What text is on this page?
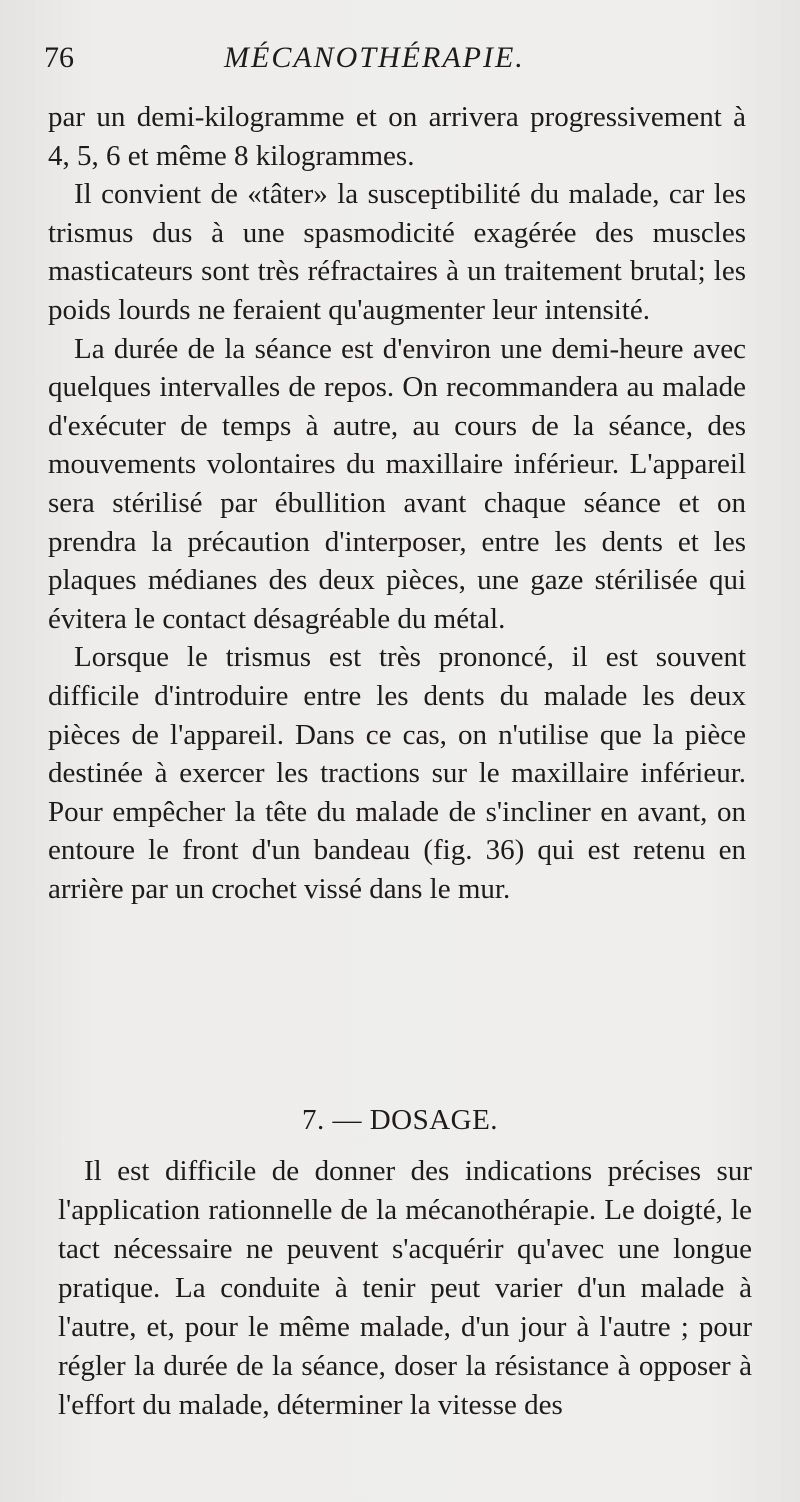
76	MÉCANOTHÉRAPIE.

par un demi-kilogramme et on arrivera progressivement à 4, 5, 6 et même 8 kilogrammes.

Il convient de «tâter» la susceptibilité du malade, car les trismus dus à une spasmodicité exagérée des muscles masticateurs sont très réfractaires à un traitement brutal; les poids lourds ne feraient qu'augmenter leur intensité.

La durée de la séance est d'environ une demi-heure avec quelques intervalles de repos. On recommandera au malade d'exécuter de temps à autre, au cours de la séance, des mouvements volontaires du maxillaire inférieur. L'appareil sera stérilisé par ébullition avant chaque séance et on prendra la précaution d'interposer, entre les dents et les plaques médianes des deux pièces, une gaze stérilisée qui évitera le contact désagréable du métal.

Lorsque le trismus est très prononcé, il est souvent difficile d'introduire entre les dents du malade les deux pièces de l'appareil. Dans ce cas, on n'utilise que la pièce destinée à exercer les tractions sur le maxillaire inférieur. Pour empêcher la tête du malade de s'incliner en avant, on entoure le front d'un bandeau (fig. 36) qui est retenu en arrière par un crochet vissé dans le mur.

7. — DOSAGE.

Il est difficile de donner des indications précises sur l'application rationnelle de la mécanothérapie. Le doigté, le tact nécessaire ne peuvent s'acquérir qu'avec une longue pratique. La conduite à tenir peut varier d'un malade à l'autre, et, pour le même malade, d'un jour à l'autre ; pour régler la durée de la séance, doser la résistance à opposer à l'effort du malade, déterminer la vitesse des
